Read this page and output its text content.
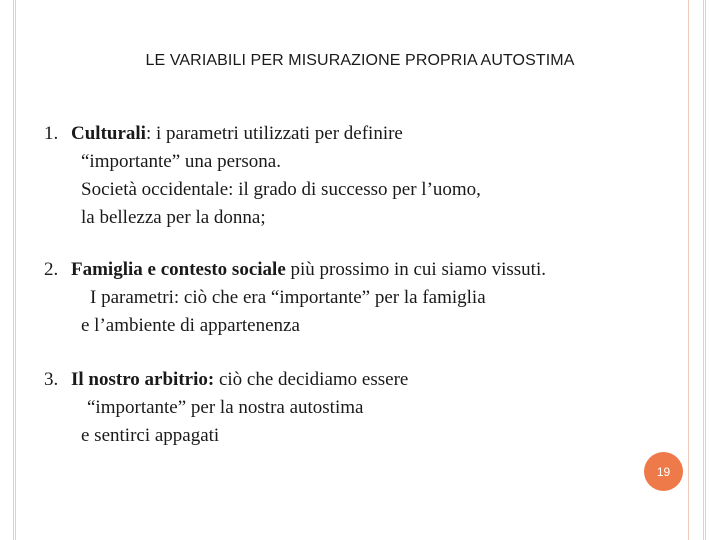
LE VARIABILI PER MISURAZIONE PROPRIA AUTOSTIMA
1. Culturali: i parametri utilizzati per definire
“importante” una persona.
Società occidentale: il grado di successo per l’uomo,
la bellezza per la donna;
2. Famiglia e contesto sociale più prossimo in cui siamo vissuti.
I parametri: ciò che era “importante” per la famiglia
e l’ambiente di appartenenza
3. Il nostro arbitrio: ciò che decidiamo essere
“importante” per la nostra autostima
e sentirci appagati
19
